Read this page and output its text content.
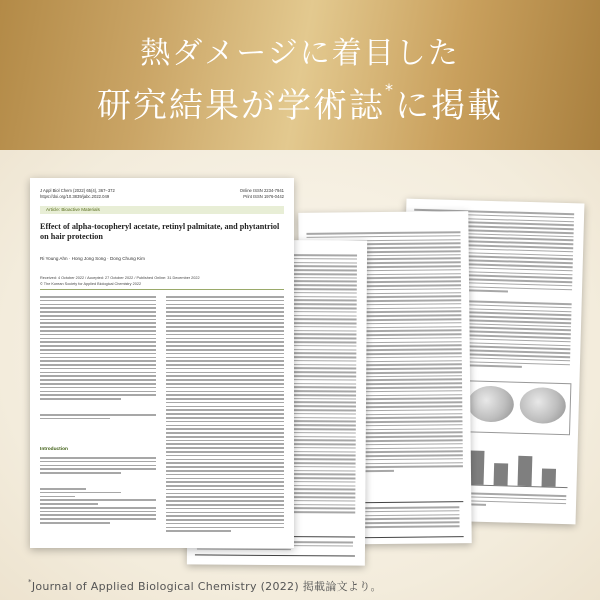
熱ダメージに着目した
研究結果が学術誌*に掲載
J Appl Biol Chem (2022) 65(4), 367−372
https://doi.org/10.3839/jabc.2022.049
Online ISSN 2234-7941
Print ISSN 1976-0442
Article: Bioactive Materials
Effect of alpha-tocopheryl acetate, retinyl palmitate, and phytantriol on hair protection
Ri Young Ahn · Hong Jong Song · Dong Chung Kim
Received: 4 October 2022 / Accepted: 27 October 2022 / Published Online: 31 December 2022
© The Korean Society for Applied Biological Chemistry 2022
Introduction
*Journal of Applied Biological Chemistry (2022) 掲載論文より。
